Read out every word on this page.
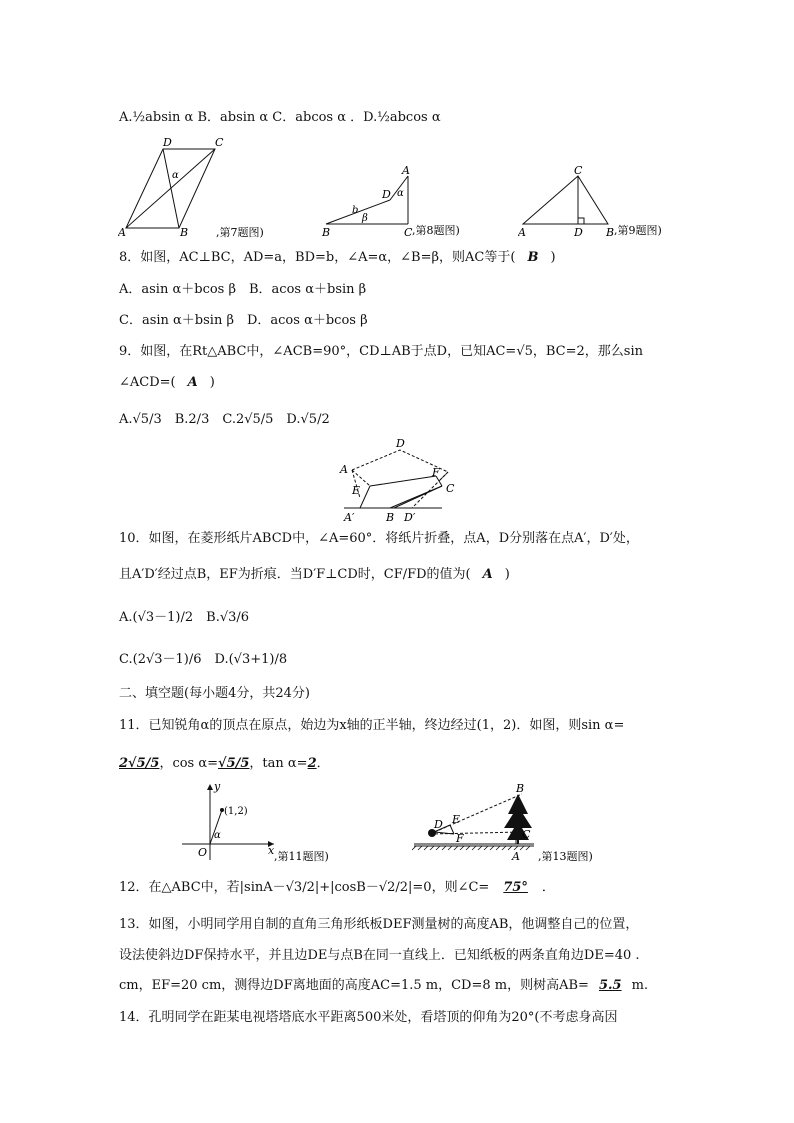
A.½absin α B．absin α C．abcos α ．D.½abcos α
D	C
A	B
α
,第7题图)
A
α
D
b
β
B	C ,第8题图)
C
A	D B ,第9题图)
8．如图，AC⊥BC，AD=a，BD=b，∠A=α，∠B=β，则AC等于( B )
A．asin α＋bcos β　B．acos α＋bsin β
C．asin α＋bsin β　D．acos α＋bcos β
9．如图，在Rt△ABC中，∠ACB=90°，CD⊥AB于点D，已知AC=√5，BC=2，那么sin
∠ACD=( A )
A.√5/3　B.2/3　C.2√5/5　D.√5/2
D
A	F
C
E
A′	B D′
10．如图，在菱形纸片ABCD中，∠A=60°．将纸片折叠，点A，D分别落在点A′，D′处，
且A′D′经过点B，EF为折痕．当D′F⊥CD时，CF/FD的值为( A )
A.(√3－1)/2　B.√3/6
C.(2√3－1)/6　D.(√3+1)/8
二、填空题(每小题4分，共24分)
11．已知锐角α的顶点在原点，始边为x轴的正半轴，终边经过(1，2)．如图，则sin α=
2√5/5，cos α=√5/5，tan α=2．
y
(1,2)
α
O	x ,第11题图)
B
E
D
F	C
A ,第13题图)
12．在△ABC中，若|sinA－√3/2|+|cosB－√2/2|=0，则∠C= 75° ．
13．如图，小明同学用自制的直角三角形纸板DEF测量树的高度AB，他调整自己的位置，
设法使斜边DF保持水平，并且边DE与点B在同一直线上．已知纸板的两条直角边DE=40 .
cm，EF=20 cm，测得边DF离地面的高度AC=1.5 m，CD=8 m，则树高AB= 5.5 m.
14．孔明同学在距某电视塔塔底水平距离500米处，看塔顶的仰角为20°(不考虑身高因
